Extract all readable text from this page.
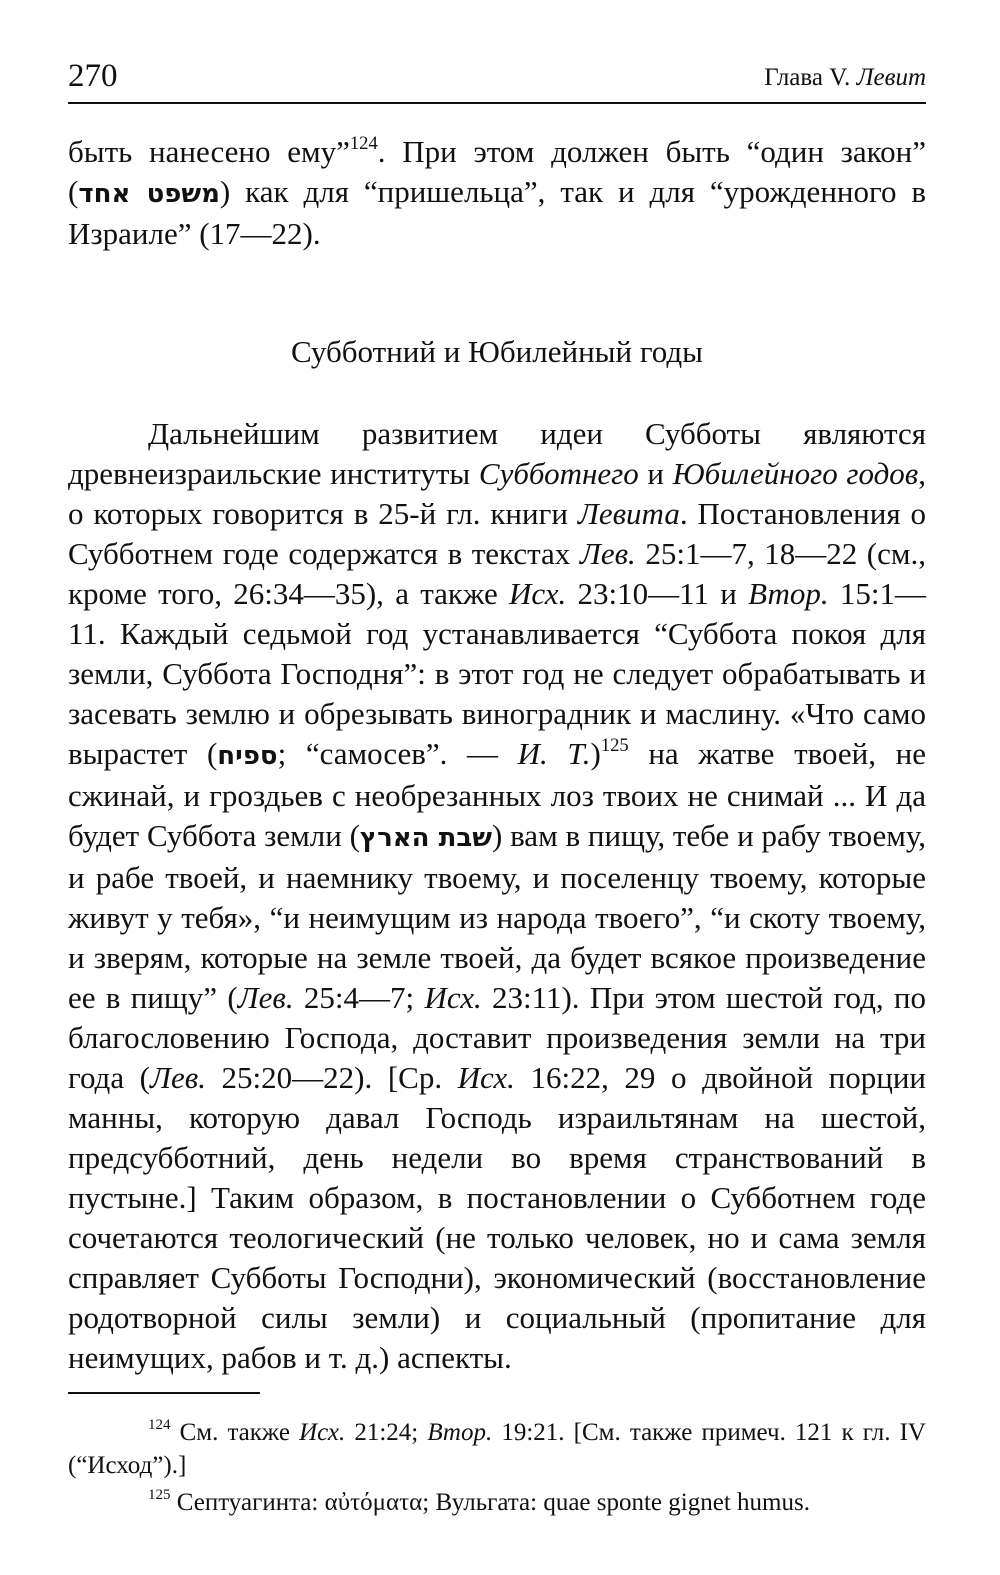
270	Глава V. Левит
быть нанесено ему”$^{124}$. При этом должен быть “один закон” (משפט אחד) как для “пришельца”, так и для “урожденного в Израиле” (17—22).
Субботний и Юбилейный годы
Дальнейшим развитием идеи Субботы являются древнеизраильские институты Субботнего и Юбилейного годов, о которых говорится в 25-й гл. книги Левита. Постановления о Субботнем годе содержатся в текстах Лев. 25:1—7, 18—22 (см., кроме того, 26:34—35), а также Исх. 23:10—11 и Втор. 15:1—11. Каждый седьмой год устанавливается “Суббота покоя для земли, Суббота Господня”: в этот год не следует обрабатывать и засевать землю и обрезывать виноградник и маслину. «Что само вырастет (ספיח; “самосев”. — И. Т.)$^{125}$ на жатве твоей, не сжинай, и гроздьев с необрезанных лоз твоих не снимай ... И да будет Суббота земли (שבת הארץ) вам в пищу, тебе и рабу твоему, и рабе твоей, и наемнику твоему, и поселенцу твоему, которые живут у тебя», “и неимущим из народа твоего”, “и скоту твоему, и зверям, которые на земле твоей, да будет всякое произведение ее в пищу” (Лев. 25:4—7; Исх. 23:11). При этом шестой год, по благословению Господа, доставит произведения земли на три года (Лев. 25:20—22). [Ср. Исх. 16:22, 29 о двойной порции манны, которую давал Господь израильтянам на шестой, предсубботний, день недели во время странствований в пустыне.] Таким образом, в постановлении о Субботнем годе сочетаются теологический (не только человек, но и сама земля справляет Субботы Господни), экономический (восстановление родотворной силы земли) и социальный (пропитание для неимущих, рабов и т. д.) аспекты.
$^{124}$ См. также Исх. 21:24; Втор. 19:21. [См. также примеч. 121 к гл. IV (“Исход”).]
$^{125}$ Септуагинта: αὐτόματα; Вульгата: quae sponte gignet humus.
